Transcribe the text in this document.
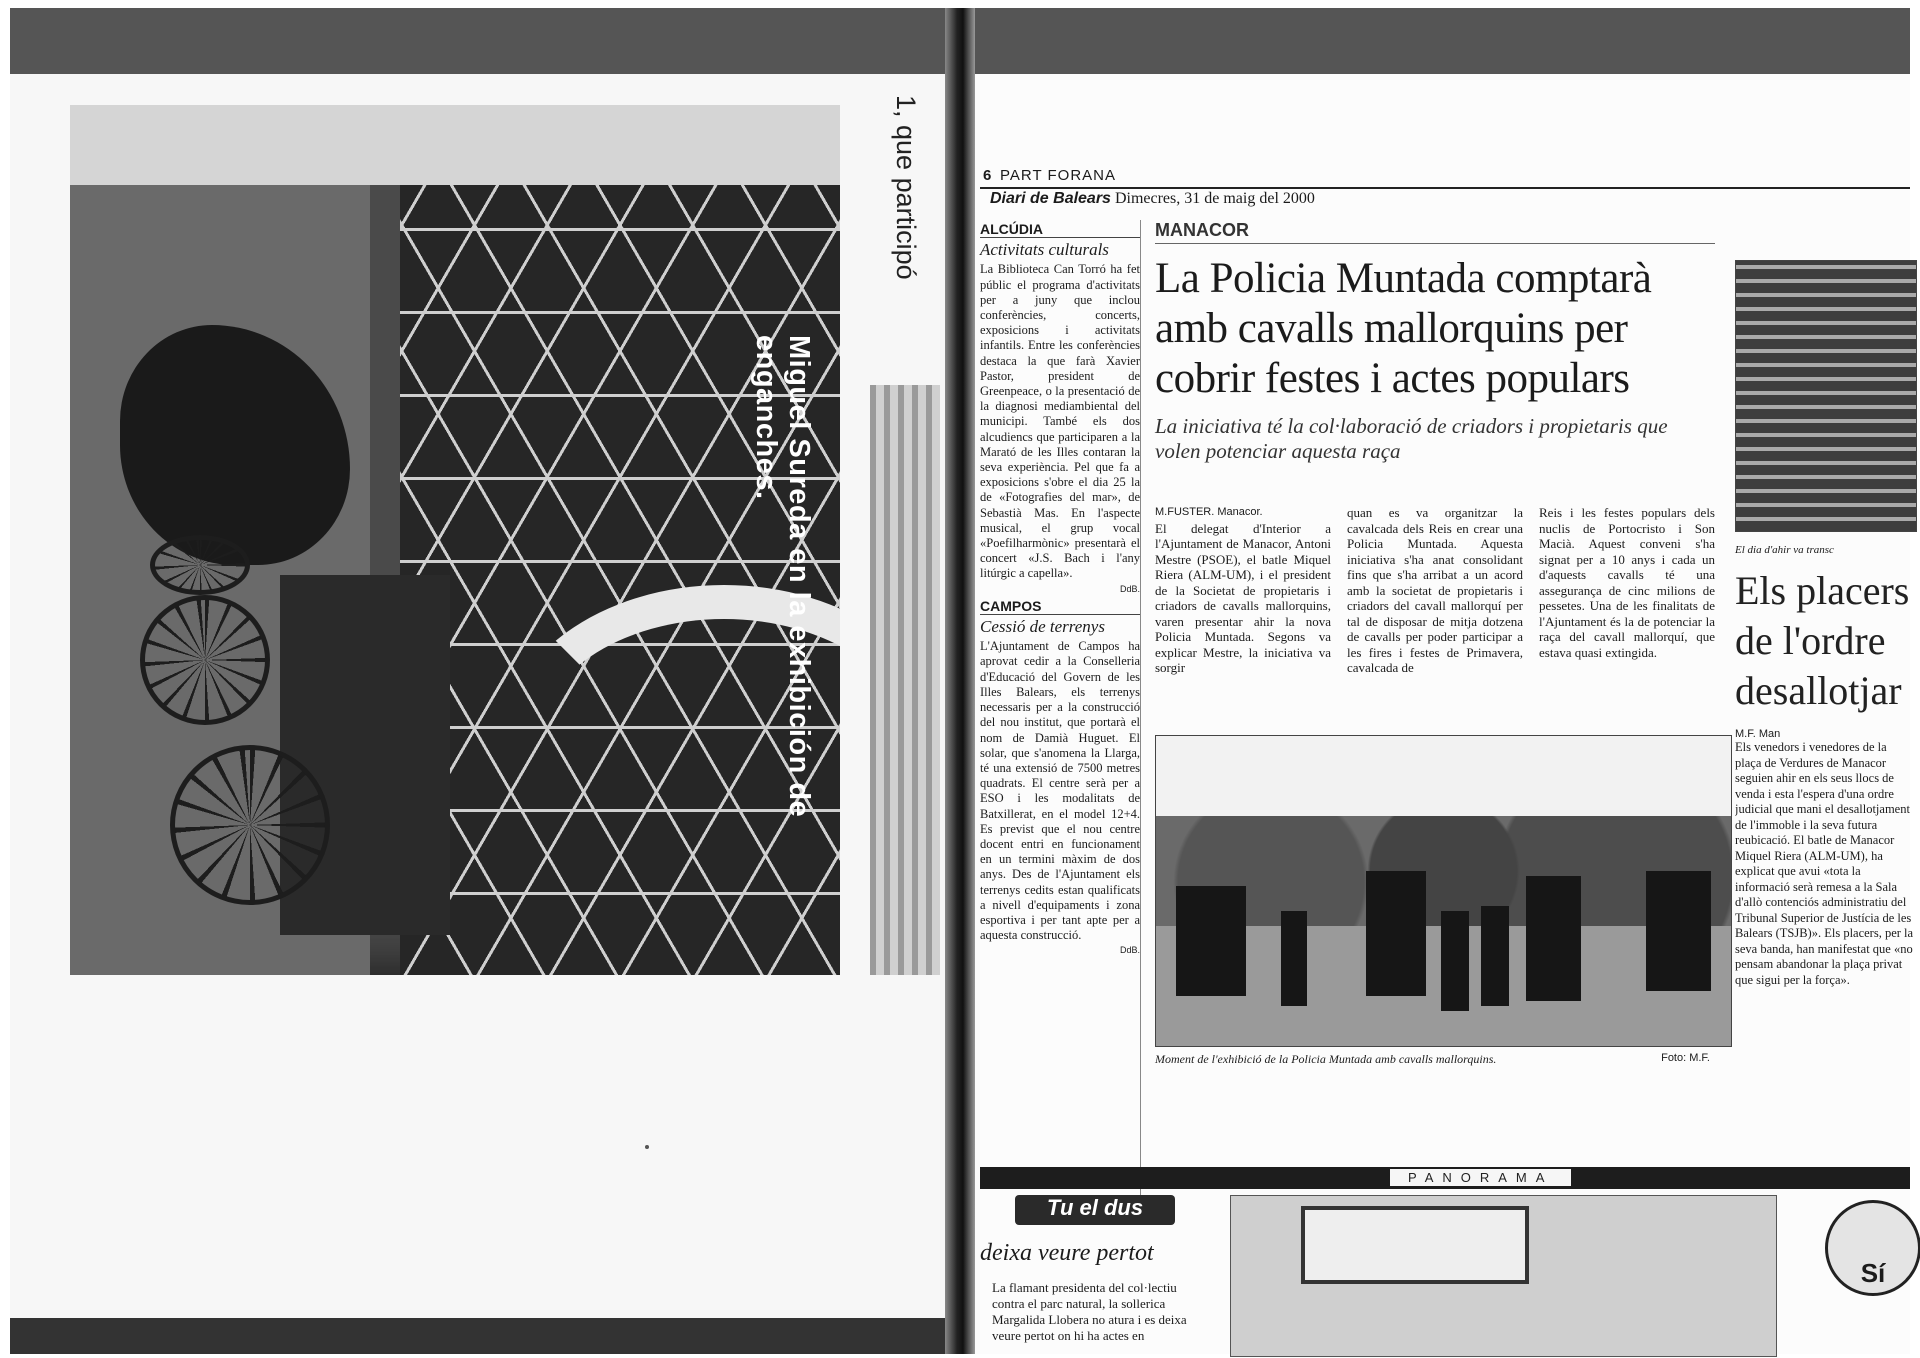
Miguel Sureda en la exhibición de enganches.
1, que participó	6 PART FORANA
Diari de Balears Dimecres, 31 de maig del 2000
ALCÚDIA
Activitats culturals

La Biblioteca Can Torró ha fet públic el programa d'activitats per a juny que inclou conferències, concerts, exposicions i activitats infantils. Entre les conferències destaca la que farà Xavier Pastor, president de Greenpeace, o la presentació de la diagnosi mediambiental del municipi. També els dos alcudiencs que participaren a la Marató de les Illes contaran la seva experiència. Pel que fa a exposicions s'obre el dia 25 la de «Fotografies del mar», de Sebastià Mas. En l'aspecte musical, el grup vocal «Poefilharmònic» presentarà el concert «J.S. Bach i l'any litúrgic a capella».

DdB.
CAMPOS
Cessió de terrenys

L'Ajuntament de Campos ha aprovat cedir a la Conselleria d'Educació del Govern de les Illes Balears, els terrenys necessaris per a la construcció del nou institut, que portarà el nom de Damià Huguet. El solar, que s'anomena la Llarga, té una extensió de 7500 metres quadrats. El centre serà per a ESO i les modalitats de Batxillerat, en el model 12+4. Es previst que el nou centre docent entri en funcionament en un termini màxim de dos anys. Des de l'Ajuntament els terrenys cedits estan qualificats a nivell d'equipaments i zona esportiva i per tant apte per a aquesta construcció.

DdB.
MANACOR
La Policia Muntada comptarà amb cavalls mallorquins per cobrir festes i actes populars
La iniciativa té la col·laboració de criadors i propietaris que volen potenciar aquesta raça
M.FUSTER. Manacor.
El delegat d'Interior a l'Ajuntament de Manacor, Antoni Mestre (PSOE), el batle Miquel Riera (ALM-UM), i el president de la Societat de propietaris i criadors de cavalls mallorquins, varen presentar ahir la nova Policia Muntada. Segons va explicar Mestre, la iniciativa va sorgir
quan es va organitzar la cavalcada dels Reis en crear una Policia Muntada. Aquesta iniciativa s'ha anat consolidant fins que s'ha arribat a un acord amb la societat de propietaris i criadors del cavall mallorquí per tal de disposar de mitja dotzena de cavalls per poder participar a les fires i festes de Primavera, cavalcada de
Reis i les festes populars dels nuclis de Portocristo i Son Macià. Aquest conveni s'ha signat per a 10 anys i cada un d'aquests cavalls té una assegurança de cinc milions de pessetes. Una de les finalitats de l'Ajuntament és la de potenciar la raça del cavall mallorquí, que estava quasi extingida.
Moment de l'exhibició de la Policia Muntada amb cavalls mallorquins.	Foto: M.F.
El dia d'ahir va transc
Els placers de l'ordre desallotjar
M.F. Man
Els venedors i venedores de la plaça de Verdures de Manacor seguien ahir en els seus llocs de venda i esta l'espera d'una ordre judicial que mani el desallotjament de l'immoble i la seva futura reubicació. El batle de Manacor Miquel Riera (ALM-UM), ha explicat que avui «tota la informació serà remesa a la Sala d'allò contenciós administratiu del Tribunal Superior de Justícia de les Balears (TSJB)». Els placers, per la seva banda, han manifestat que «no pensam abandonar la plaça privat que sigui per la força».
PANORAMA
Tu el dus
deixa veure pertot
La flamant presidenta del col·lectiu contra el parc natural, la sollerica Margalida Llobera no atura i es deixa veure pertot on hi ha actes en
Sí
